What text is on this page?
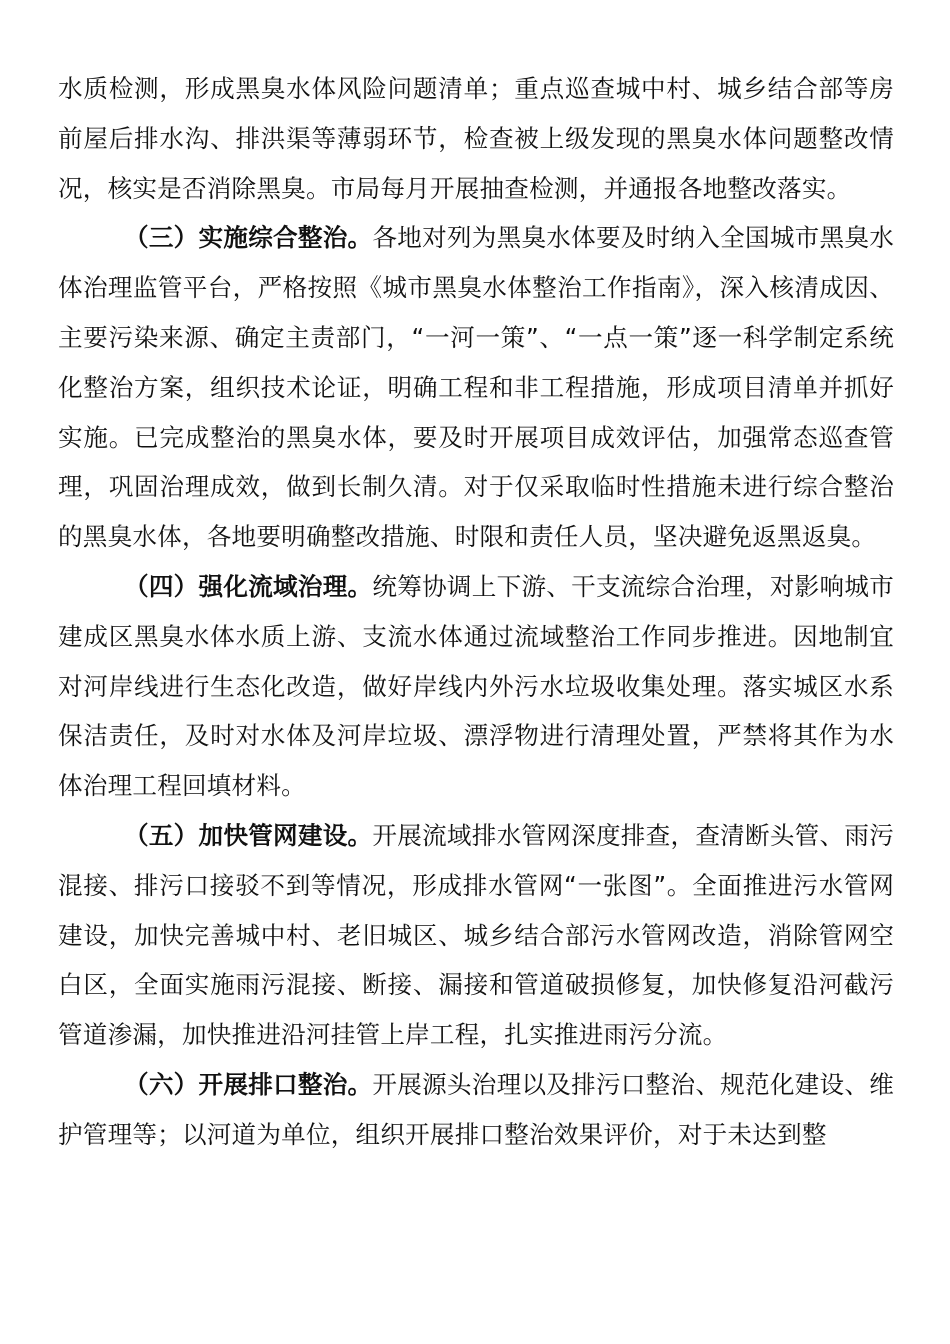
水质检测，形成黑臭水体风险问题清单；重点巡查城中村、城乡结合部等房前屋后排水沟、排洪渠等薄弱环节，检查被上级发现的黑臭水体问题整改情况，核实是否消除黑臭。市局每月开展抽查检测，并通报各地整改落实。

（三）实施综合整治。各地对列为黑臭水体要及时纳入全国城市黑臭水体治理监管平台，严格按照《城市黑臭水体整治工作指南》，深入核清成因、主要污染来源、确定主责部门，“一河一策”、“一点一策”逐一科学制定系统化整治方案，组织技术论证，明确工程和非工程措施，形成项目清单并抓好实施。已完成整治的黑臭水体，要及时开展项目成效评估，加强常态巡查管理，巩固治理成效，做到长制久清。对于仅采取临时性措施未进行综合整治的黑臭水体，各地要明确整改措施、时限和责任人员，坚决避免返黑返臭。

（四）强化流域治理。统筹协调上下游、干支流综合治理，对影响城市建成区黑臭水体水质上游、支流水体通过流域整治工作同步推进。因地制宜对河岸线进行生态化改造，做好岸线内外污水垃圾收集处理。落实城区水系保洁责任，及时对水体及河岸垃圾、漂浮物进行清理处置，严禁将其作为水体治理工程回填材料。

（五）加快管网建设。开展流域排水管网深度排查，查清断头管、雨污混接、排污口接驳不到等情况，形成排水管网“一张图”。全面推进污水管网建设，加快完善城中村、老旧城区、城乡结合部污水管网改造，消除管网空白区，全面实施雨污混接、断接、漏接和管道破损修复，加快修复沿河截污管道渗漏，加快推进沿河挂管上岸工程，扎实推进雨污分流。

（六）开展排口整治。开展源头治理以及排污口整治、规范化建设、维护管理等；以河道为单位，组织开展排口整治效果评价，对于未达到整
